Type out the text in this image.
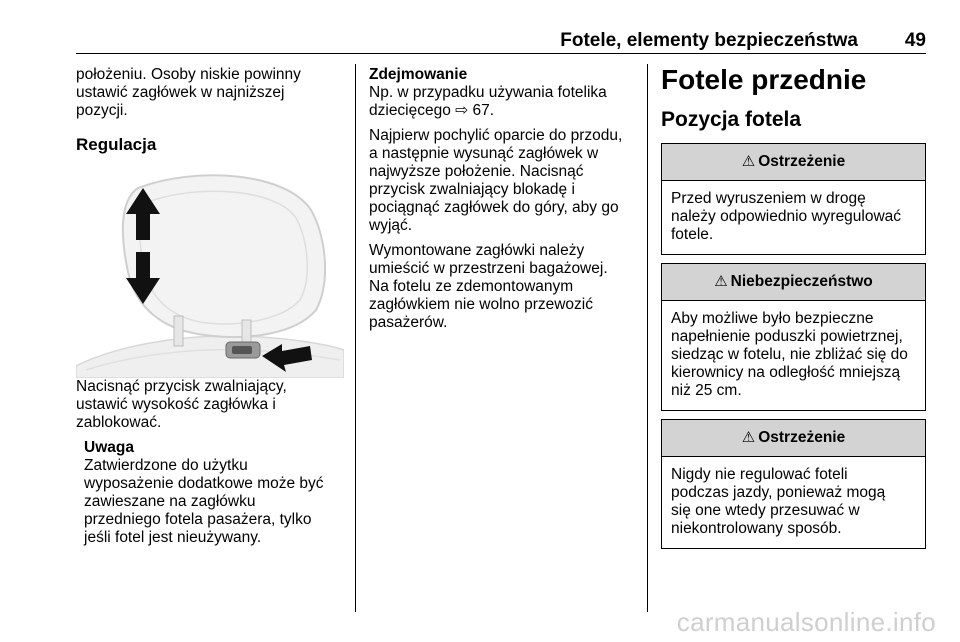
Fotele, elementy bezpieczeństwa	49

położeniu. Osoby niskie powinny
ustawić zagłówek w najniższej
pozycji.

Regulacja

Nacisnąć przycisk zwalniający,
ustawić wysokość zagłówka i
zablokować.

Uwaga

Zatwierdzone do użytku
wyposażenie dodatkowe może być
zawieszane na zagłówku
przedniego fotela pasażera, tylko
jeśli fotel jest nieużywany.

Zdejmowanie

Np. w przypadku używania fotelika
dziecięcego ⇨ 67.

Najpierw pochylić oparcie do przodu,
a następnie wysunąć zagłówek w
najwyższe położenie. Nacisnąć
przycisk zwalniający blokadę i
pociągnąć zagłówek do góry, aby go
wyjąć.

Wymontowane zagłówki należy
umieścić w przestrzeni bagażowej.
Na fotelu ze zdemontowanym
zagłówkiem nie wolno przewozić
pasażerów.

Fotele przednie
Pozycja fotela
⚠ Ostrzeżenie
Przed wyruszeniem w drogę
należy odpowiednio wyregulować
fotele.
⚠ Niebezpieczeństwo
Aby możliwe było bezpieczne
napełnienie poduszki powietrznej,
siedząc w fotelu, nie zbliżać się do
kierownicy na odległość mniejszą
niż 25 cm.
⚠ Ostrzeżenie
Nigdy nie regulować foteli
podczas jazdy, ponieważ mogą
się one wtedy przesuwać w
niekontrolowany sposób.
carmanualsonline.info
